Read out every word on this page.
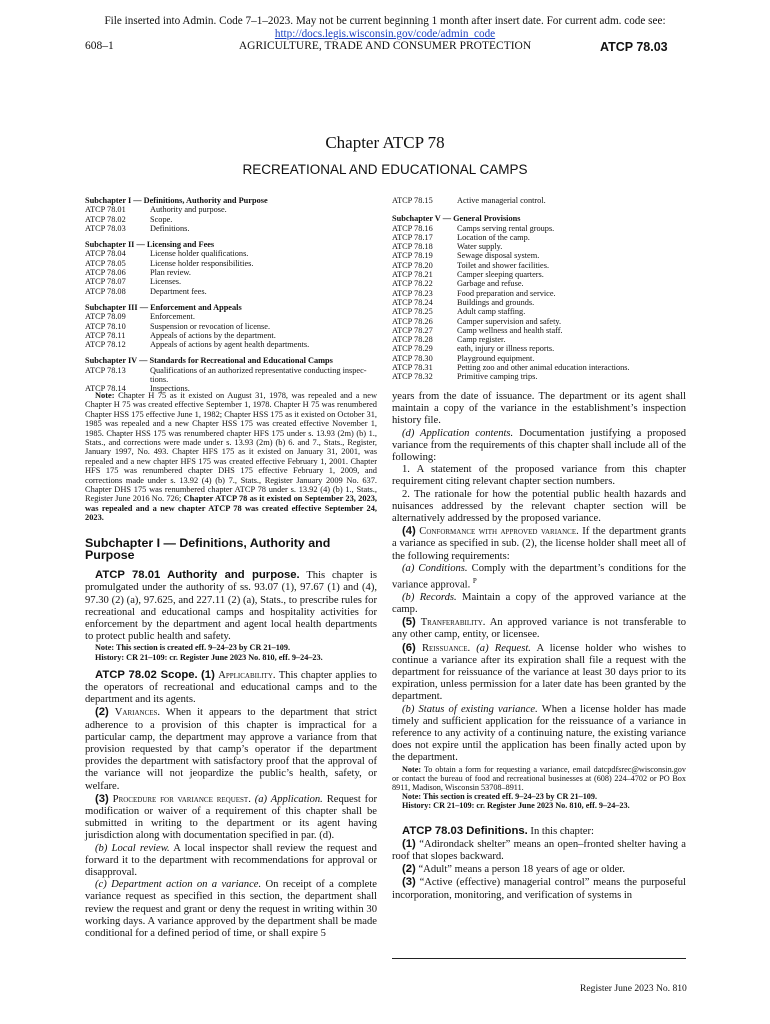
File inserted into Admin. Code 7–1–2023. May not be current beginning 1 month after insert date. For current adm. code see:
http://docs.legis.wisconsin.gov/code/admin_code
608–1	AGRICULTURE, TRADE AND CONSUMER PROTECTION	ATCP 78.03
Chapter ATCP 78
RECREATIONAL AND EDUCATIONAL CAMPS
Subchapter I — Definitions, Authority and Purpose
ATCP 78.01	Authority and purpose.
ATCP 78.02	Scope.
ATCP 78.03	Definitions.
Subchapter II — Licensing and Fees
ATCP 78.04	License holder qualifications.
ATCP 78.05	License holder responsibilities.
ATCP 78.06	Plan review.
ATCP 78.07	Licenses.
ATCP 78.08	Department fees.
Subchapter III — Enforcement and Appeals
ATCP 78.09	Enforcement.
ATCP 78.10	Suspension or revocation of license.
ATCP 78.11	Appeals of actions by the department.
ATCP 78.12	Appeals of actions by agent health departments.
Subchapter IV — Standards for Recreational and Educational Camps
ATCP 78.13	Qualifications of an authorized representative conducting inspec-
tions.
ATCP 78.14	Inspections.
ATCP 78.15	Active managerial control.
Subchapter V — General Provisions
ATCP 78.16	Camps serving rental groups.
ATCP 78.17	Location of the camp.
ATCP 78.18	Water supply.
ATCP 78.19	Sewage disposal system.
ATCP 78.20	Toilet and shower facilities.
ATCP 78.21	Camper sleeping quarters.
ATCP 78.22	Garbage and refuse.
ATCP 78.23	Food preparation and service.
ATCP 78.24	Buildings and grounds.
ATCP 78.25	Adult camp staffing.
ATCP 78.26	Camper supervision and safety.
ATCP 78.27	Camp wellness and health staff.
ATCP 78.28	Camp register.
ATCP 78.29	eath, injury or illness reports.
ATCP 78.30	Playground equipment.
ATCP 78.31	Petting zoo and other animal education interactions.
ATCP 78.32	Primitive camping trips.

Note: Chapter H 75 as it existed on August 31, 1978, was repealed and a new Chapter H 75 was created effective September 1, 1978. Chapter H 75 was renumbered Chapter HSS 175 effective June 1, 1982; Chapter HSS 175 as it existed on October 31, 1985 was repealed and a new Chapter HSS 175 was created effective November 1, 1985. Chapter HSS 175 was renumbered chapter HFS 175 under s. 13.93 (2m) (b) 1., Stats., and corrections were made under s. 13.93 (2m) (b) 6. and 7., Stats., Register, January 1997, No. 493. Chapter HFS 175 as it existed on January 31, 2001, was repealed and a new chapter HFS 175 was created effective February 1, 2001. Chapter HFS 175 was renumbered chapter DHS 175 effective February 1, 2009, and corrections made under s. 13.92 (4) (b) 7., Stats., Register January 2009 No. 637. Chapter DHS 175 was renumbered chapter ATCP 78 under s. 13.92 (4) (b) 1., Stats., Register June 2016 No. 726; Chapter ATCP 78 as it existed on September 23, 2023, was repealed and a new chapter ATCP 78 was created effective September 24, 2023.

Subchapter I — Definitions, Authority and Purpose

ATCP 78.01 Authority and purpose. This chapter is promulgated under the authority of ss. 93.07 (1), 97.67 (1) and (4), 97.30 (2) (a), 97.625, and 227.11 (2) (a), Stats., to prescribe rules for recreational and educational camps and hospitality activities for enforcement by the department and agent local health departments to protect public health and safety.

Note: This section is created eff. 9–24–23 by CR 21–109.
History: CR 21–109: cr. Register June 2023 No. 810, eff. 9–24–23.

ATCP 78.02 Scope. (1) Applicability. This chapter applies to the operators of recreational and educational camps and to the department and its agents.

(2) Variances. When it appears to the department that strict adherence to a provision of this chapter is impractical for a particular camp, the department may approve a variance from that provision requested by that camp’s operator if the department provides the department with satisfactory proof that the approval of the variance will not jeopardize the public’s health, safety, or welfare.

(3) Procedure for variance request. (a) Application. Request for modification or waiver of a requirement of this chapter shall be submitted in writing to the department or its agent having jurisdiction along with documentation specified in par. (d).

(b) Local review. A local inspector shall review the request and forward it to the department with recommendations for approval or disapproval.

(c) Department action on a variance. On receipt of a complete variance request as specified in this section, the department shall review the request and grant or deny the request in writing within 30 working days. A variance approved by the department shall be made conditional for a defined period of time, or shall expire 5

years from the date of issuance. The department or its agent shall maintain a copy of the variance in the establishment’s inspection history file.

(d) Application contents. Documentation justifying a proposed variance from the requirements of this chapter shall include all of the following:

1. A statement of the proposed variance from this chapter requirement citing relevant chapter section numbers.

2. The rationale for how the potential public health hazards and nuisances addressed by the relevant chapter section will be alternatively addressed by the proposed variance.

(4) Conformance with approved variance. If the department grants a variance as specified in sub. (2), the license holder shall meet all of the following requirements:

(a) Conditions. Comply with the department’s conditions for the variance approval. $^P$

(b) Records. Maintain a copy of the approved variance at the camp.

(5) Tranferability. An approved variance is not transferable to any other camp, entity, or licensee.

(6) Reissuance. (a) Request. A license holder who wishes to continue a variance after its expiration shall file a request with the department for reissuance of the variance at least 30 days prior to its expiration, unless permission for a later date has been granted by the department.

(b) Status of existing variance. When a license holder has made timely and sufficient application for the reissuance of a variance in reference to any activity of a continuing nature, the existing variance does not expire until the application has been finally acted upon by the department.

Note: To obtain a form for requesting a variance, email datcpdfsrec@wisconsin.gov or contact the bureau of food and recreational businesses at (608) 224–4702 or PO Box 8911, Madison, Wisconsin 53708–8911.

Note: This section is created eff. 9–24–23 by CR 21–109.
History: CR 21–109: cr. Register June 2023 No. 810, eff. 9–24–23.

ATCP 78.03 Definitions. In this chapter:

(1) “Adirondack shelter” means an open–fronted shelter having a roof that slopes backward.

(2) “Adult” means a person 18 years of age or older.

(3) “Active (effective) managerial control” means the purposeful incorporation, monitoring, and verification of systems in

Register June 2023 No. 810
